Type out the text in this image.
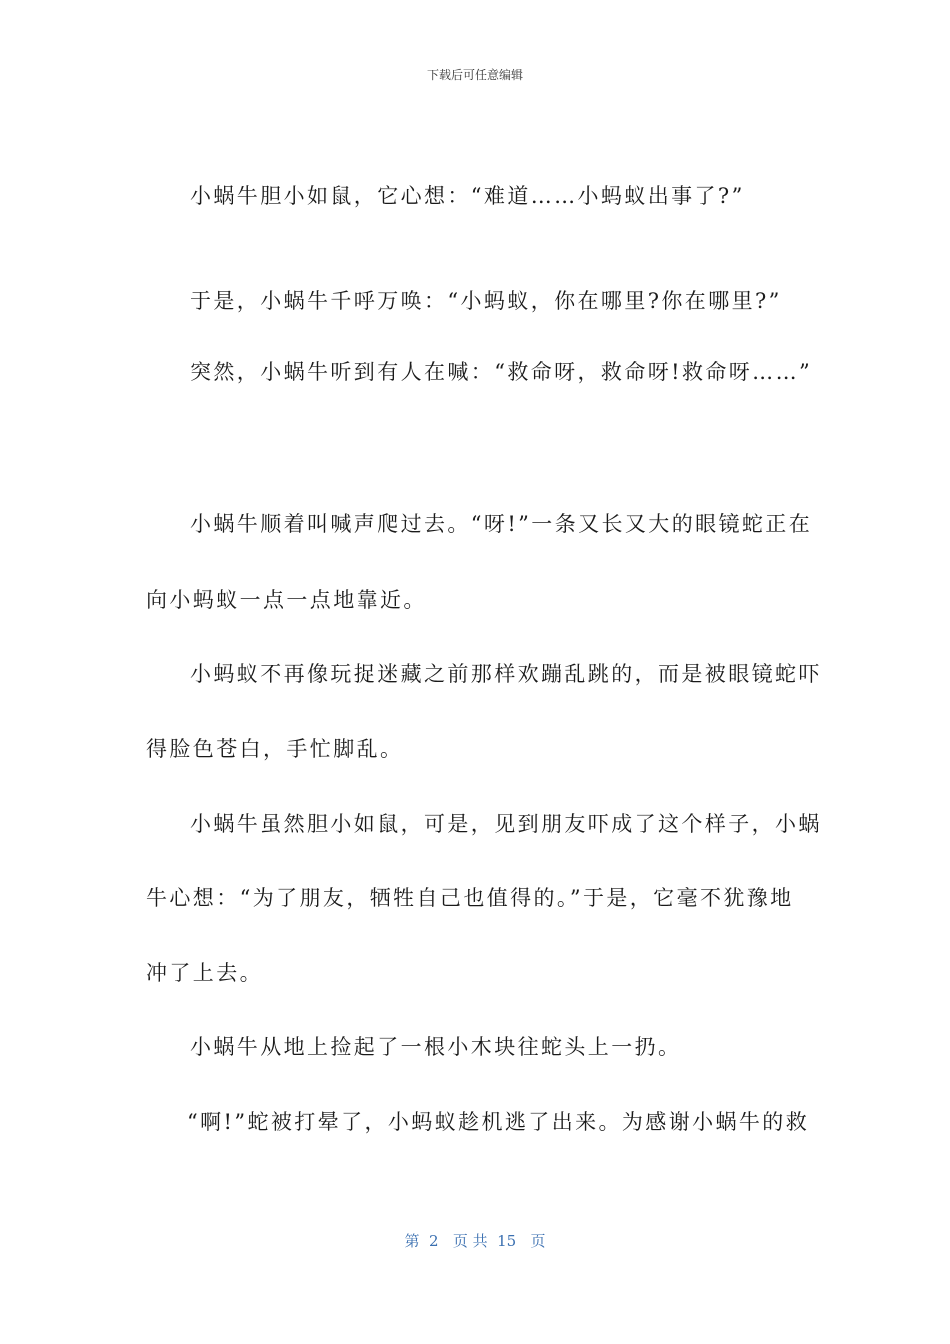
下载后可任意编辑
小蜗牛胆小如鼠，它心想：“难道……小蚂蚁出事了?”
于是，小蜗牛千呼万唤：“小蚂蚁，你在哪里?你在哪里?”
突然，小蜗牛听到有人在喊：“救命呀，救命呀!救命呀……”
小蜗牛顺着叫喊声爬过去。“呀!”一条又长又大的眼镜蛇正在
向小蚂蚁一点一点地靠近。
小蚂蚁不再像玩捉迷藏之前那样欢蹦乱跳的，而是被眼镜蛇吓
得脸色苍白，手忙脚乱。
小蜗牛虽然胆小如鼠，可是，见到朋友吓成了这个样子，小蜗
牛心想：“为了朋友，牺牲自己也值得的。”于是，它毫不犹豫地
冲了上去。
小蜗牛从地上捡起了一根小木块往蛇头上一扔。
“啊!”蛇被打晕了，小蚂蚁趁机逃了出来。为感谢小蜗牛的救
第  2   页 共  15   页
